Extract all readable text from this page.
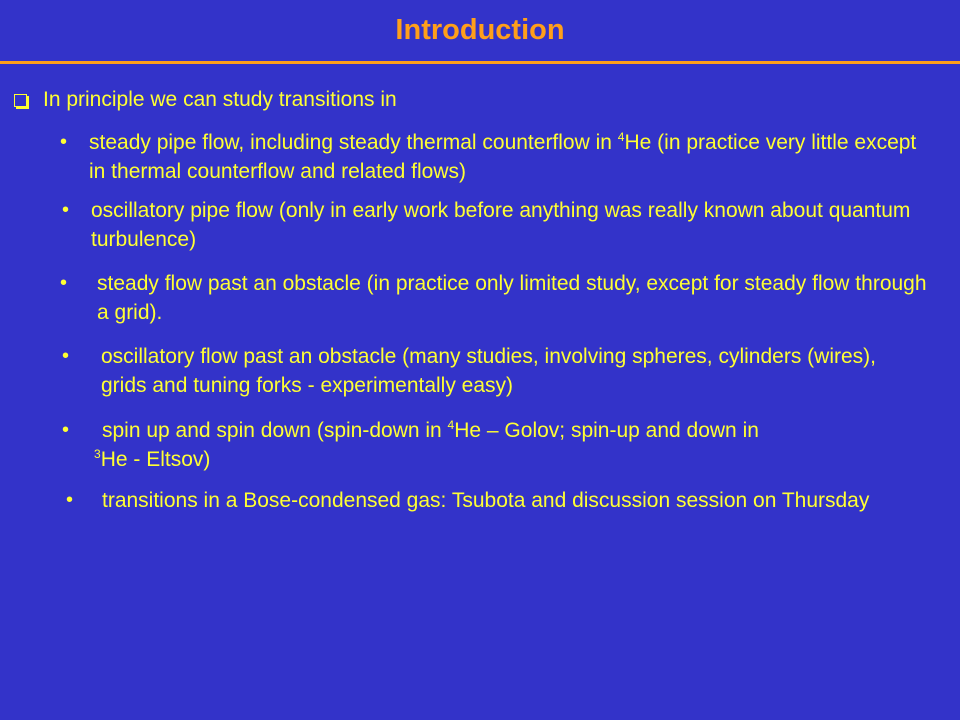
Introduction
In principle we can study transitions in
• steady pipe flow, including steady thermal counterflow in $^4$He (in practice very little except in thermal counterflow and related flows)
• oscillatory pipe flow (only in early work before anything was really known about quantum turbulence)
• steady flow past an obstacle (in practice only limited study, except for steady flow through a grid).
• oscillatory flow past an obstacle (many studies, involving spheres, cylinders (wires), grids and tuning forks - experimentally easy)
• spin up and spin down (spin-down in $^4$He – Golov; spin-up and down in
$^3$He - Eltsov)
• transitions in a Bose-condensed gas: Tsubota and discussion session on Thursday
